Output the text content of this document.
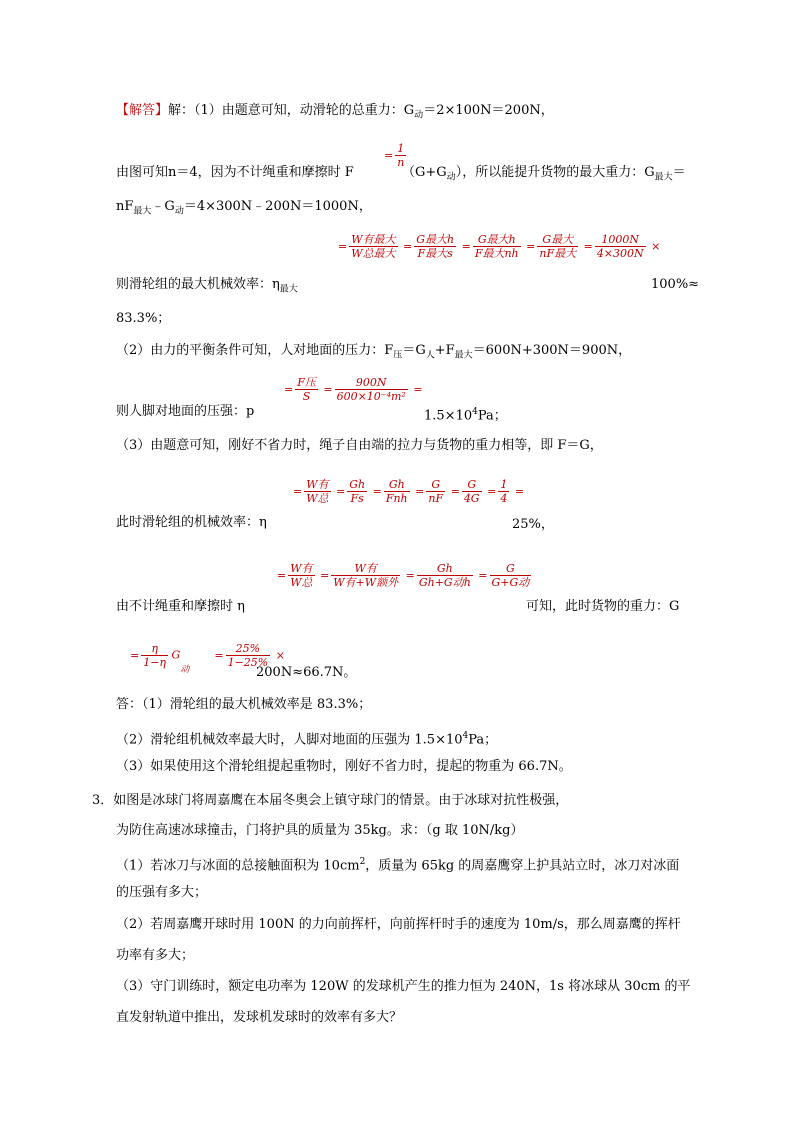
【解答】解：（1）由题意可知，动滑轮的总重力：$G_动=2\times 100N=200N$，
由图可知n＝4，因为不计绳重和摩擦时 F
= $\frac{1}{n}$
$(G+G_动)$，所以能提升货物的最大重力：$G_{最大}=$
$nF_{最大}﹣G_动=4\times 300N﹣200N=1000N$，
= $\frac{\text{W有最大}}{\text{W总最大}} = \frac{\text{G最大h}}{\text{F最大s}} = \frac{\text{G最大h}}{\text{F最大nh}} = \frac{\text{G最大}}{\text{nF最大}} = \frac{1000N}{4\times 300N}$ ×
则滑轮组的最大机械效率：$\eta_{最大}$	100%≈
83.3%；
（2）由力的平衡条件可知，人对地面的压力：$F_压=G_人+F_{最大}=600N+300N=900N$，
= $\frac{\text{F压}}{S} = \frac{900N}{\text{600×10⁻⁴m²}}$ =
则人脚对地面的压强：p	$1.5\times 10^4Pa$；
（3）由题意可知，刚好不省力时，绳子自由端的拉力与货物的重力相等，即 F＝G，
= $\frac{\text{W有}}{\text{W总}} = \frac{Gh}{Fs} = \frac{Gh}{\text{Fnh}} = \frac{G}{nF} = \frac{G}{4G} = \frac{1}{4}$ =
此时滑轮组的机械效率：η	25%，
= $\frac{\text{W有}}{\text{W总}} = \frac{\text{W有}}{\text{W有+W额外}} = \frac{Gh}{\text{Gh+G动h}} = \frac{G}{\text{G+G动}}$
由不计绳重和摩擦时 η	可知，此时货物的重力：G
= $\frac{\eta}{1-\eta} G_动 = \frac{25\%}{1-25\%}$ ×
200N≈66.7N。
答：（1）滑轮组的最大机械效率是 83.3%；
（2）滑轮组机械效率最大时，人脚对地面的压强为 $1.5\times 10^4Pa$；
（3）如果使用这个滑轮组提起重物时，刚好不省力时，提起的物重为 66.7N。
3．如图是冰球门将周嘉鹰在本届冬奥会上镇守球门的情景。由于冰球对抗性极强，
为防住高速冰球撞击，门将护具的质量为 35kg。求：（g 取 10N/kg）
（1）若冰刀与冰面的总接触面积为 $10cm^2$，质量为 65kg 的周嘉鹰穿上护具站立时，冰刀对冰面
的压强有多大；
（2）若周嘉鹰开球时用 100N 的力向前挥杆，向前挥杆时手的速度为 10m/s，那么周嘉鹰的挥杆
功率有多大；
（3）守门训练时，额定电功率为 120W 的发球机产生的推力恒为 240N，1s 将冰球从 30cm 的平
直发射轨道中推出，发球机发球时的效率有多大？
